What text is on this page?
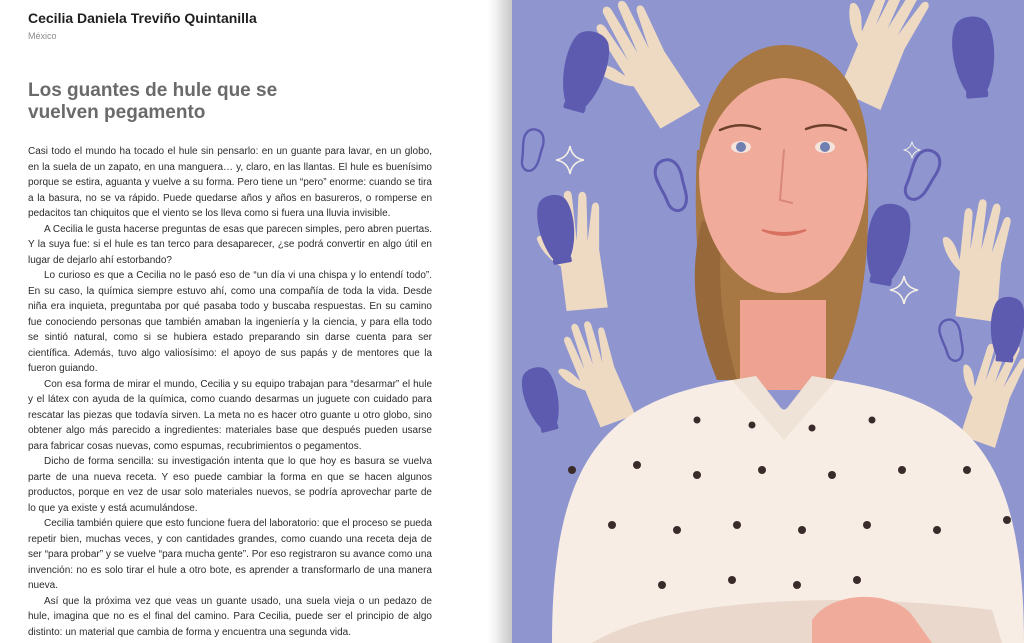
Cecilia Daniela Treviño Quintanilla
México
Los guantes de hule que se vuelven pegamento

Casi todo el mundo ha tocado el hule sin pensarlo: en un guante para lavar, en un globo, en la suela de un zapato, en una manguera… y, claro, en las llantas. El hule es buenísimo porque se estira, aguanta y vuelve a su forma. Pero tiene un “pero” enorme: cuando se tira a la basura, no se va rápido. Puede quedarse años y años en basureros, o romperse en pedacitos tan chiquitos que el viento se los lleva como si fuera una lluvia invisible.

A Cecilia le gusta hacerse preguntas de esas que parecen simples, pero abren puertas. Y la suya fue: si el hule es tan terco para desaparecer, ¿se podrá convertir en algo útil en lugar de dejarlo ahí estorbando?

Lo curioso es que a Cecilia no le pasó eso de “un día vi una chispa y lo entendí todo”. En su caso, la química siempre estuvo ahí, como una compañía de toda la vida. Desde niña era inquieta, preguntaba por qué pasaba todo y buscaba respuestas. En su camino fue conociendo personas que también amaban la ingeniería y la ciencia, y para ella todo se sintió natural, como si se hubiera estado preparando sin darse cuenta para ser científica. Además, tuvo algo valiosísimo: el apoyo de sus papás y de mentores que la fueron guiando.

Con esa forma de mirar el mundo, Cecilia y su equipo trabajan para “desarmar” el hule y el látex con ayuda de la química, como cuando desarmas un juguete con cuidado para rescatar las piezas que todavía sirven. La meta no es hacer otro guante u otro globo, sino obtener algo más parecido a ingredientes: materiales base que después pueden usarse para fabricar cosas nuevas, como espumas, recubrimientos o pegamentos.

Dicho de forma sencilla: su investigación intenta que lo que hoy es basura se vuelva parte de una nueva receta. Y eso puede cambiar la forma en que se hacen algunos productos, porque en vez de usar solo materiales nuevos, se podría aprovechar parte de lo que ya existe y está acumulándose.

Cecilia también quiere que esto funcione fuera del laboratorio: que el proceso se pueda repetir bien, muchas veces, y con cantidades grandes, como cuando una receta deja de ser “para probar” y se vuelve “para mucha gente”. Por eso registraron su avance como una invención: no es solo tirar el hule a otro bote, es aprender a transformarlo de una manera nueva.

Así que la próxima vez que veas un guante usado, una suela vieja o un pedazo de hule, imagina que no es el final del camino. Para Cecilia, puede ser el principio de algo distinto: un material que cambia de forma y encuentra una segunda vida.
